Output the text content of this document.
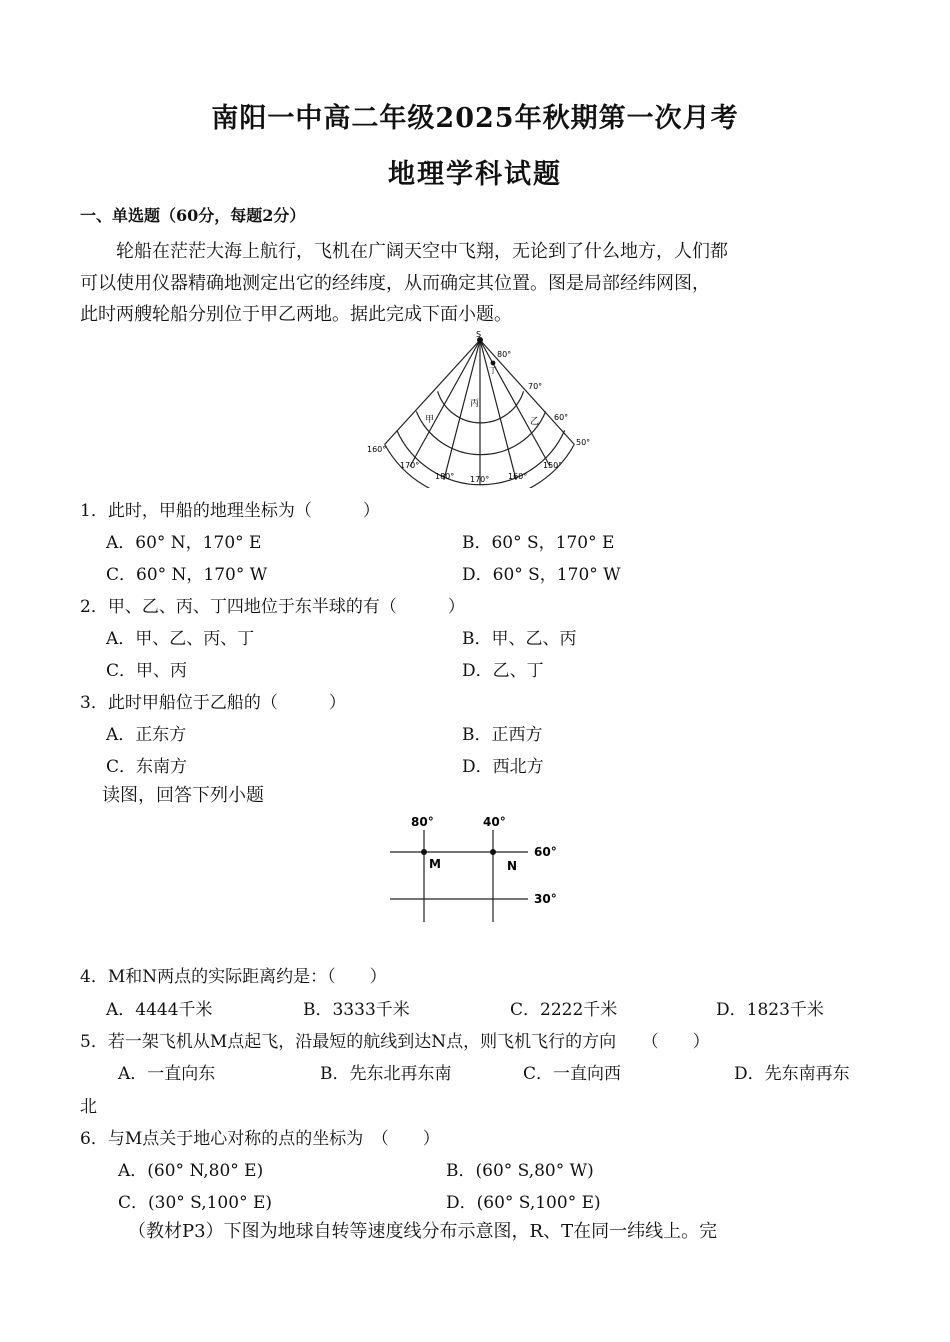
南阳一中高二年级2025年秋期第一次月考
地理学科试题
一、单选题（60分，每题2分）
轮船在茫茫大海上航行，飞机在广阔天空中飞翔，无论到了什么地方，人们都
可以使用仪器精确地测定出它的经纬度，从而确定其位置。图是局部经纬网图，
此时两艘轮船分别位于甲乙两地。据此完成下面小题。
S
80°
70°
60°
50°
160°
170°
180° 170° 160°
150°
甲	乙
丙
丁
1．此时，甲船的地理坐标为（　　　）
A．60° N，170° E	B．60° S，170° E
C．60° N，170° W	D．60° S，170° W
2．甲、乙、丙、丁四地位于东半球的有（　　　）
A．甲、乙、丙、丁	B．甲、乙、丙
C．甲、丙	D．乙、丁
3．此时甲船位于乙船的（　　　）
A．正东方	B．正西方
C．东南方	D．西北方
读图，回答下列小题
80°	40°
60°
30°
M	N
4．M和N两点的实际距离约是：（　　）
A．4444千米	B．3333千米	C．2222千米	D．1823千米
5．若一架飞机从M点起飞，沿最短的航线到达N点，则飞机飞行的方向　　（　　）
A．一直向东	B．先东北再东南	C．一直向西	D．先东南再东
北
6．与M点关于地心对称的点的坐标为　（　　）
A．(60° N,80° E)	B．(60° S,80° W)
C．(30° S,100° E)	D．(60° S,100° E)
（教材P3）下图为地球自转等速度线分布示意图，R、T在同一纬线上。完
